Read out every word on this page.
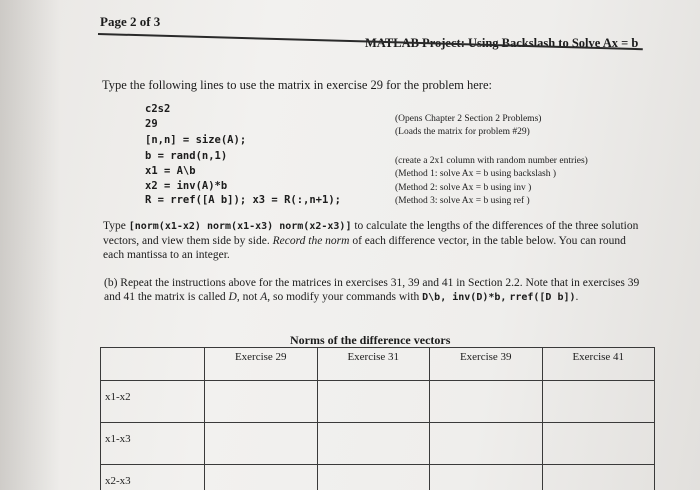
Page 2 of 3
MATLAB Project: Using Backslash to Solve Ax = b
Type the following lines to use the matrix in exercise 29 for the problem here:
c2s2
29
[n,n] = size(A);
b = rand(n,1)
x1 = A\b
x2 = inv(A)*b
R = rref([A b]); x3 = R(:,n+1);
(Opens Chapter 2 Section 2 Problems)
(Loads the matrix for problem #29)
(create a 2x1 column with random number entries)
(Method 1: solve Ax = b using backslash )
(Method 2: solve Ax = b using inv )
(Method 3: solve Ax = b using ref )
Type [norm(x1-x2) norm(x1-x3) norm(x2-x3)] to calculate the lengths of the differences of the three solution vectors, and view them side by side. Record the norm of each difference vector, in the table below. You can round each mantissa to an integer.
(b) Repeat the instructions above for the matrices in exercises 31, 39 and 41 in Section 2.2. Note that in exercises 39 and 41 the matrix is called D, not A, so modify your commands with D\b, inv(D)*b, rref([D b]).
Norms of the difference vectors
	Exercise 29	Exercise 31	Exercise 39	Exercise 41
x1-x2				
x1-x3				
x2-x3				
